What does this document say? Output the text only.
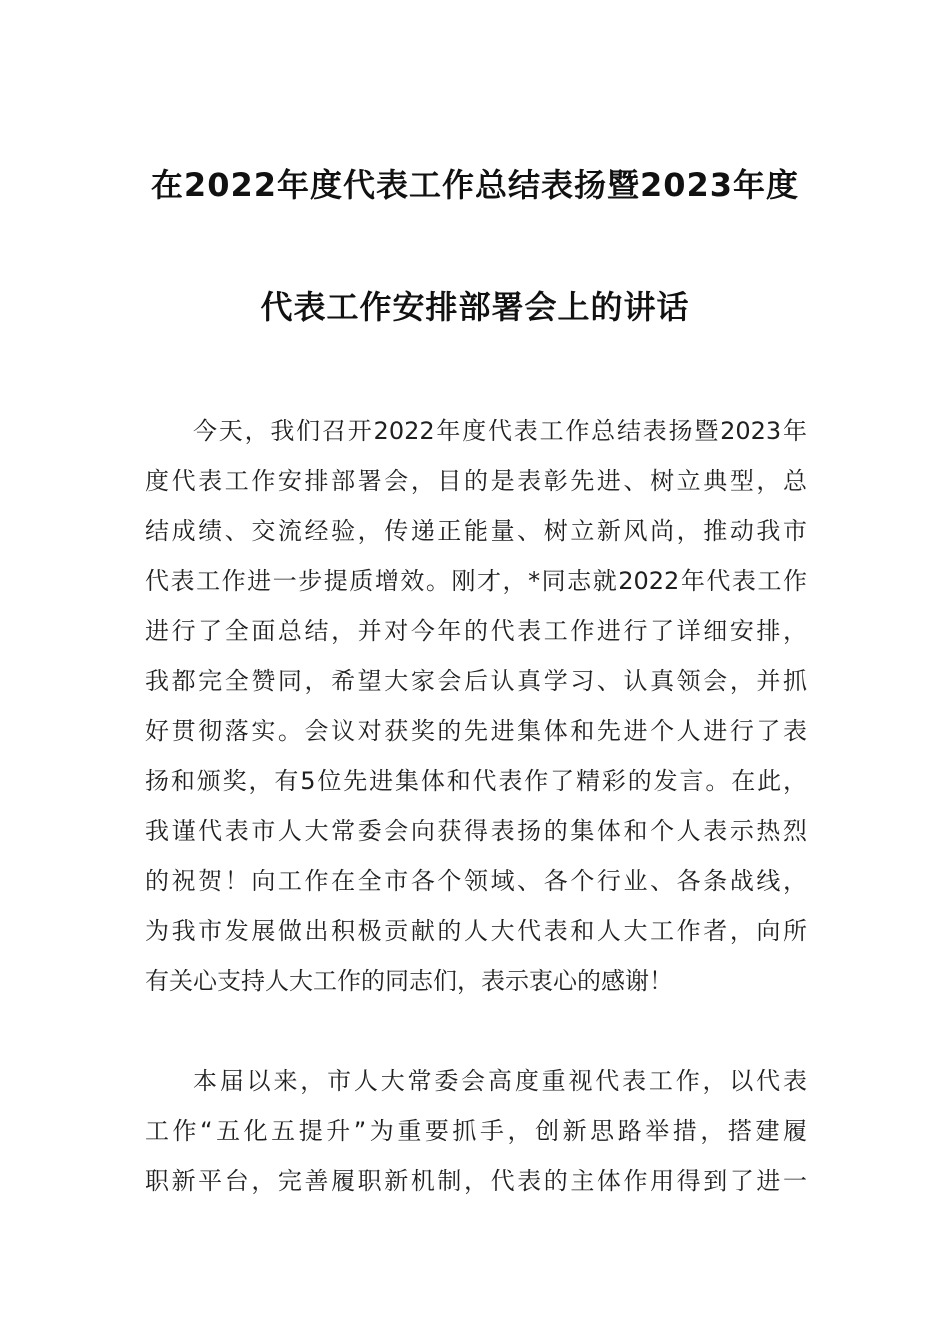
在2022年度代表工作总结表扬暨2023年度
代表工作安排部署会上的讲话
今天，我们召开2022年度代表工作总结表扬暨2023年
度代表工作安排部署会，目的是表彰先进、树立典型，总
结成绩、交流经验，传递正能量、树立新风尚，推动我市
代表工作进一步提质增效。刚才，*同志就2022年代表工作
进行了全面总结，并对今年的代表工作进行了详细安排，
我都完全赞同，希望大家会后认真学习、认真领会，并抓
好贯彻落实。会议对获奖的先进集体和先进个人进行了表
扬和颁奖，有5位先进集体和代表作了精彩的发言。在此，
我谨代表市人大常委会向获得表扬的集体和个人表示热烈
的祝贺！向工作在全市各个领域、各个行业、各条战线，
为我市发展做出积极贡献的人大代表和人大工作者，向所
有关心支持人大工作的同志们，表示衷心的感谢！
本届以来，市人大常委会高度重视代表工作，以代表
工作“五化五提升”为重要抓手，创新思路举措，搭建履
职新平台，完善履职新机制，代表的主体作用得到了进一
